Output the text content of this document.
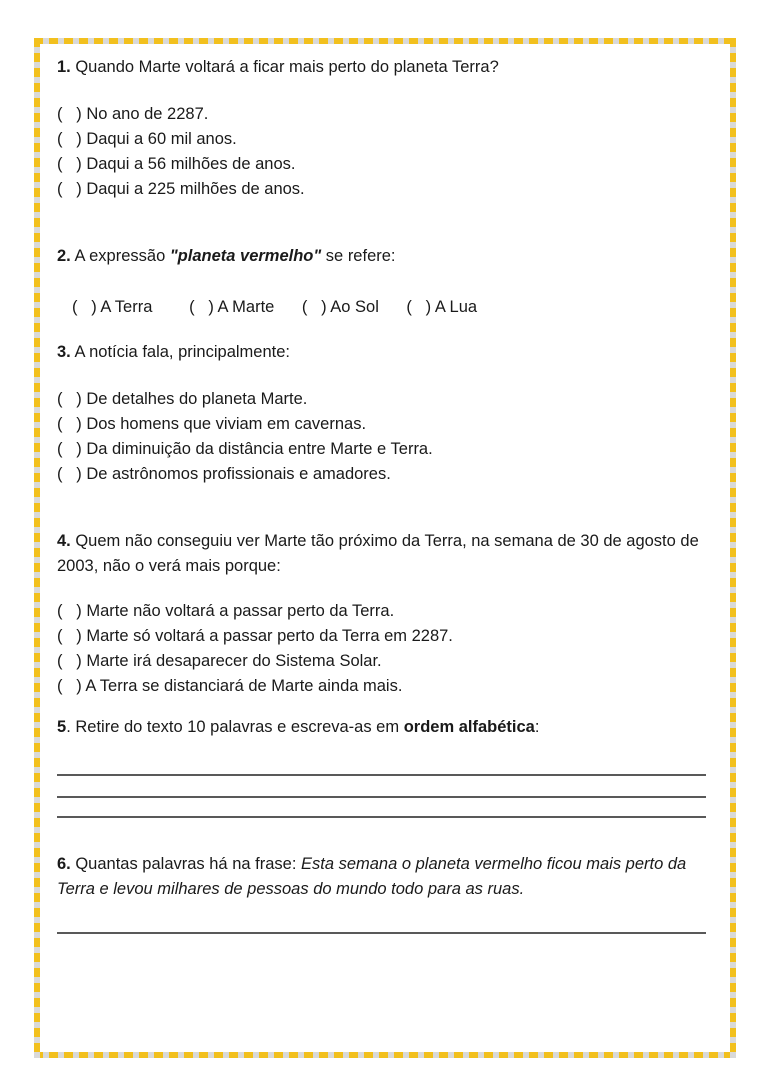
1. Quando Marte voltará a ficar mais perto do planeta Terra?

(   ) No ano de 2287.
(   ) Daqui a 60 mil anos.
(   ) Daqui a 56 milhões de anos.
(   ) Daqui a 225 milhões de anos.

2. A expressão "planeta vermelho" se refere:

(   ) A Terra (   ) A Marte (   ) Ao Sol (   ) A Lua

3. A notícia fala, principalmente:

(   ) De detalhes do planeta Marte.
(   ) Dos homens que viviam em cavernas.
(   ) Da diminuição da distância entre Marte e Terra.
(   ) De astrônomos profissionais e amadores.

4. Quem não conseguiu ver Marte tão próximo da Terra, na semana de 30 de agosto de 2003, não o verá mais porque:

(   ) Marte não voltará a passar perto da Terra.
(   ) Marte só voltará a passar perto da Terra em 2287.
(   ) Marte irá desaparecer do Sistema Solar.
(   ) A Terra se distanciará de Marte ainda mais.

5. Retire do texto 10 palavras e escreva-as em ordem alfabética:

6. Quantas palavras há na frase: Esta semana o planeta vermelho ficou mais perto da Terra e levou milhares de pessoas do mundo todo para as ruas.
